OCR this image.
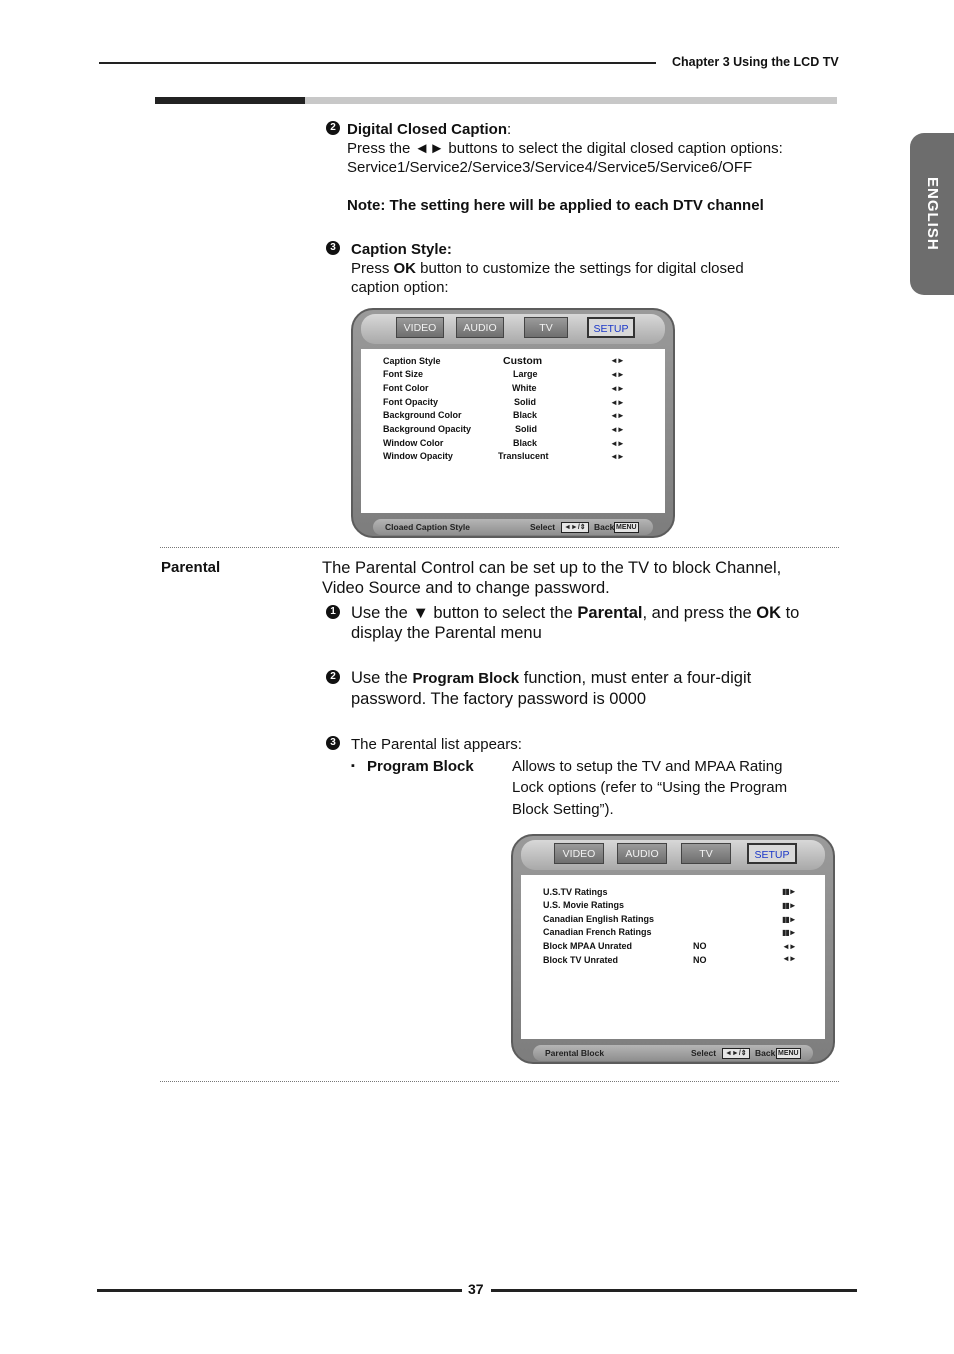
Chapter 3 Using the LCD TV
ENGLISH
2 Digital Closed Caption:
Press the ◄► buttons to select the digital closed caption options:
Service1/Service2/Service3/Service4/Service5/Service6/OFF
Note: The setting here will be applied to each DTV channel
3 Caption Style:
Press OK button to customize the settings for digital closed
caption option:
VIDEO	AUDIO	TV	SETUP
Caption Style	Custom	◄►
Font Size	Large	◄►
Font Color	White	◄►
Font Opacity	Solid	◄►
Background Color	Black	◄►
Background Opacity	Solid	◄►
Window Color	Black	◄►
Window Opacity	Translucent	◄►
Cloaed Caption Style	Select	◄►/⇕ Back MENU
Parental	The Parental Control can be set up to the TV to block Channel,
Video Source and to change password.
1 Use the ▼ button to select the Parental, and press the OK to
display the Parental menu
2 Use the Program Block function, must enter a four-digit
password. The factory password is 0000
3 The Parental list appears:
▪ Program Block	Allows to setup the TV and MPAA Rating
Lock options (refer to “Using the Program
Block Setting”).
VIDEO	AUDIO	TV	SETUP
U.S.TV Ratings	▮▮►
U.S. Movie Ratings	▮▮►
Canadian English Ratings	▮▮►
Canadian French Ratings	▮▮►
Block MPAA Unrated	NO	◄►
Block TV Unrated	NO	◄►
Parental Block	Select	◄►/⇕ Back MENU
37
